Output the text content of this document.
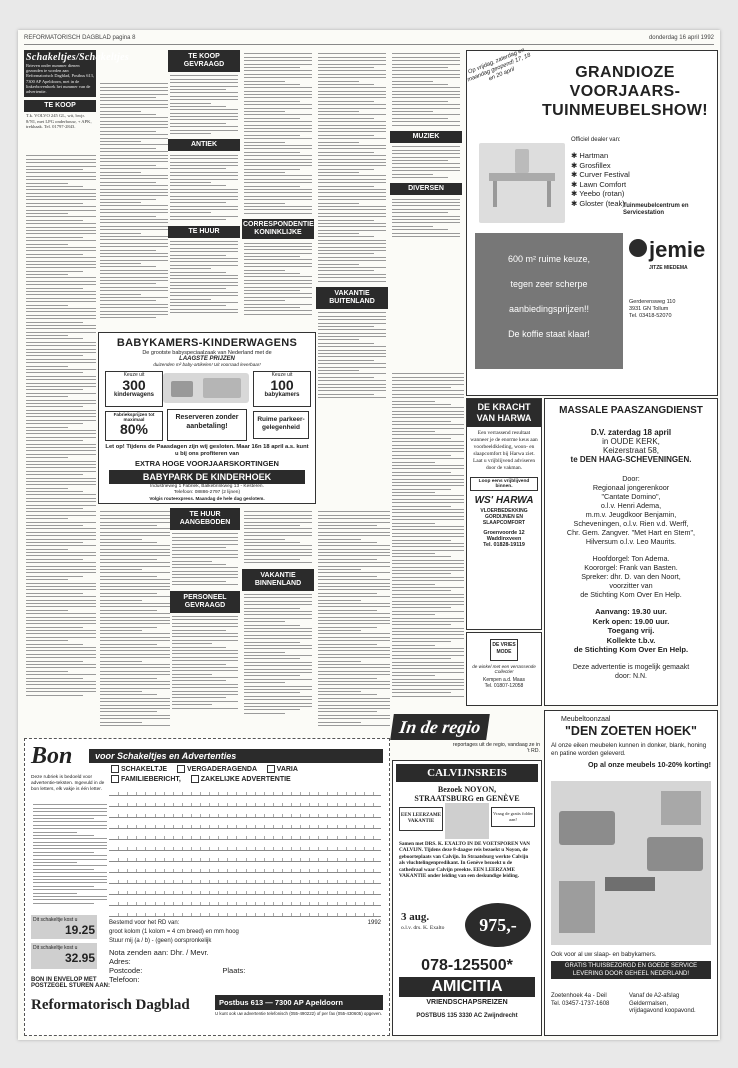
REFORMATORISCH DAGBLAD pagina 8	donderdag 16 april 1992
Schakeltjes/Schakeltjes
Brieven onder nummer dienen gezonden te worden aan Reformatorisch Dagblad, Postbus 613, 7300 AP Apeldoorn, met in de linkerbovenhoek het nummer van de advertentie.
TE KOOP
T.k. VOLVO 245 GL, wit, bwjr. 8/'81, met LPG onderbouw, + APK, trekhaak. Tel. 01797-2843.
TE KOOP GEVRAAGD
ANTIEK
TE HUUR
CORRESPONDENTIE-KONINKLIJKE
VAKANTIE BUITENLAND
MUZIEK
DIVERSEN
BABYKAMERS-KINDERWAGENS
De grootste babyspeciaalzaak van Nederland met de
LAAGSTE PRIJZEN
duizenden m² baby-artikelen! Uit voorraad leverbaar!
Keuze uit
300
kinderwagens
Keuze uit
100
babykamers
Fabrieksprijzen tot maximaal
80%
Reserveren zonder aanbetaling!
Ruime parkeer-gelegenheid
Let op! Tijdens de Paasdagen zijn wij gesloten. Maar 16n 18 april a.s. kunt u bij ons profiteren van
EXTRA HOGE VOORJAARSKORTINGEN
BABYPARK DE KINDERHOEK
Industrieweg 1 Fabriek, Balkebrinkweg 13 - Kesteren.
Telefoon: 08886-2797 (2 lijnen)
Volgis routeexpress. Maandag de hele dag geslotem.
TE HUUR AANGEBODEN
PERSONEEL GEVRAAGD
VAKANTIE BINNENLAND
Op vrijdag, zaterdag en maandag geopend! 17, 18 en 20 april	GRANDIOZE VOORJAARS- TUINMEUBELSHOW!
Officiel dealer van:
✱ Hartman
✱ Grosfillex
✱ Curver Festival
✱ Lawn Comfort
✱ Yeebo (rotan)
✱ Gloster (teak)
Tuinmeubelcentrum en Servicestation
600 m² ruime keuze,
tegen zeer scherpe
aanbiedingsprijzen!!
De koffie staat klaar!
jemie
JITZE MIEDEMA
Gerderensweg 110
3931 GN Tollum
Tel. 03418-52070
DE KRACHT VAN HARWA
Een verrassend resultaat wanneer je de enorme keus aan voorbeeldkleding, woon- en slaapcomfort bij Harwa ziet. Laat u vrijblijvend adviseren door de vakman.
Loop eens vrijblijvend binnen.
WS' HARWA
VLOERBEDEKKING GORDIJNEN EN SLAAPCOMFORT
Groenvoorde 12 Waddinxveen
Tel. 01828-19119
DE VRIES MODE
de winkel met een verrassende Collectie!
Kempen a.d. Maas
Tel. 01807-12058
MASSALE PAASZANGDIENST
D.V. zaterdag 18 april
in OUDE KERK,
Keizerstraat 58,
te DEN HAAG-SCHEVENINGEN.
Door:
Regionaal jongerenkoor
"Cantate Domino",
o.l.v. Henri Adema,
m.m.v. Jeugdkoor Benjamin,
Scheveningen, o.l.v. Rien v.d. Werff,
Chr. Gem. Zangver. "Met Hart en Stem",
Hilversum o.l.v. Leo Maurits.
Hoofdorgel: Ton Adema.
Koororgel: Frank van Basten.
Spreker: dhr. D. van den Noort,
voorzitter van
de Stichting Kom Over En Help.
Aanvang: 19.30 uur.
Kerk open: 19.00 uur.
Toegang vrij.
Kollekte t.b.v.
de Stichting Kom Over En Help.
Deze advertentie is mogelijk gemaakt
door: N.N.
In de regio
reportages uit de regio, vandaag ze in 't RD.
Bon	voor Schakeltjes en Advertenties
SCHAKELTJE	VERGADERAGENDA	VARIA
FAMILIEBERICHT,	ZAKELIJKE ADVERTENTIE
Deze rubriek is bedoeld voor advertentie-teksten. Ingevuld in de bon letters, elk vakje is één letter.
Dit schakeltje kost u
19.25
Dit schakeltje kost u
32.95
BON IN ENVELOP MET POSTZEGEL STUREN AAN:
Reformatorisch Dagblad	Postbus 613 — 7300 AP Apeldoorn
U kunt ook uw advertentie telefonisch (055-490222) of per fax (055-430605) opgeven.
Bestemd voor het RD van:	1992
groot kolom (1 kolom = 4 cm breed) en mm hoog
Stuur mij (a / b) - (geen) oorspronkelijk
Nota zenden aan: Dhr. / Mevr.
Adres:
Postcode:	Plaats:
Telefoon:
CALVIJNSREIS
Bezoek NOYON,
STRAATSBURG en GENÈVE
EEN LEERZAME VAKANTIE
Vraag de gratis folder aan!
Samen met DRS. K. EXALTO IN DE VOETSPOREN VAN CALVIJN. Tijdens deze 8-daagse reis bezoekt u Noyon, de geboorteplaats van Calvijn. In Straatsburg werkte Calvijn als vluchtelingenpredikant. In Genève bezoekt u de cathedraal waar Calvijn preekte. EEN LEERZAME VAKANTIE onder leiding van een deskundige leiding.
3 aug.
o.l.v. drs. K. Exalto	975,-
078-125500*
AMICITIA
VRIENDSCHAPSREIZEN
POSTBUS 135 3330 AC Zwijndrecht
Meubeltoonzaal
"DEN ZOETEN HOEK"
Al onze eiken meubelen kunnen in donker, blank, honing en patine worden geleverd.
Op al onze meubels 10-20% korting!
Ook voor al uw slaap- en babykamers.
GRATIS THUISBEZORGD EN GOEDE SERVICE
LEVERING DOOR GEHEEL NEDERLAND!
Zoetenhoek 4a - Deil
Tel. 03457-1737-1608
Vanaf de A2-afslag Geldermalsen,
vrijdagavond koopavond.
